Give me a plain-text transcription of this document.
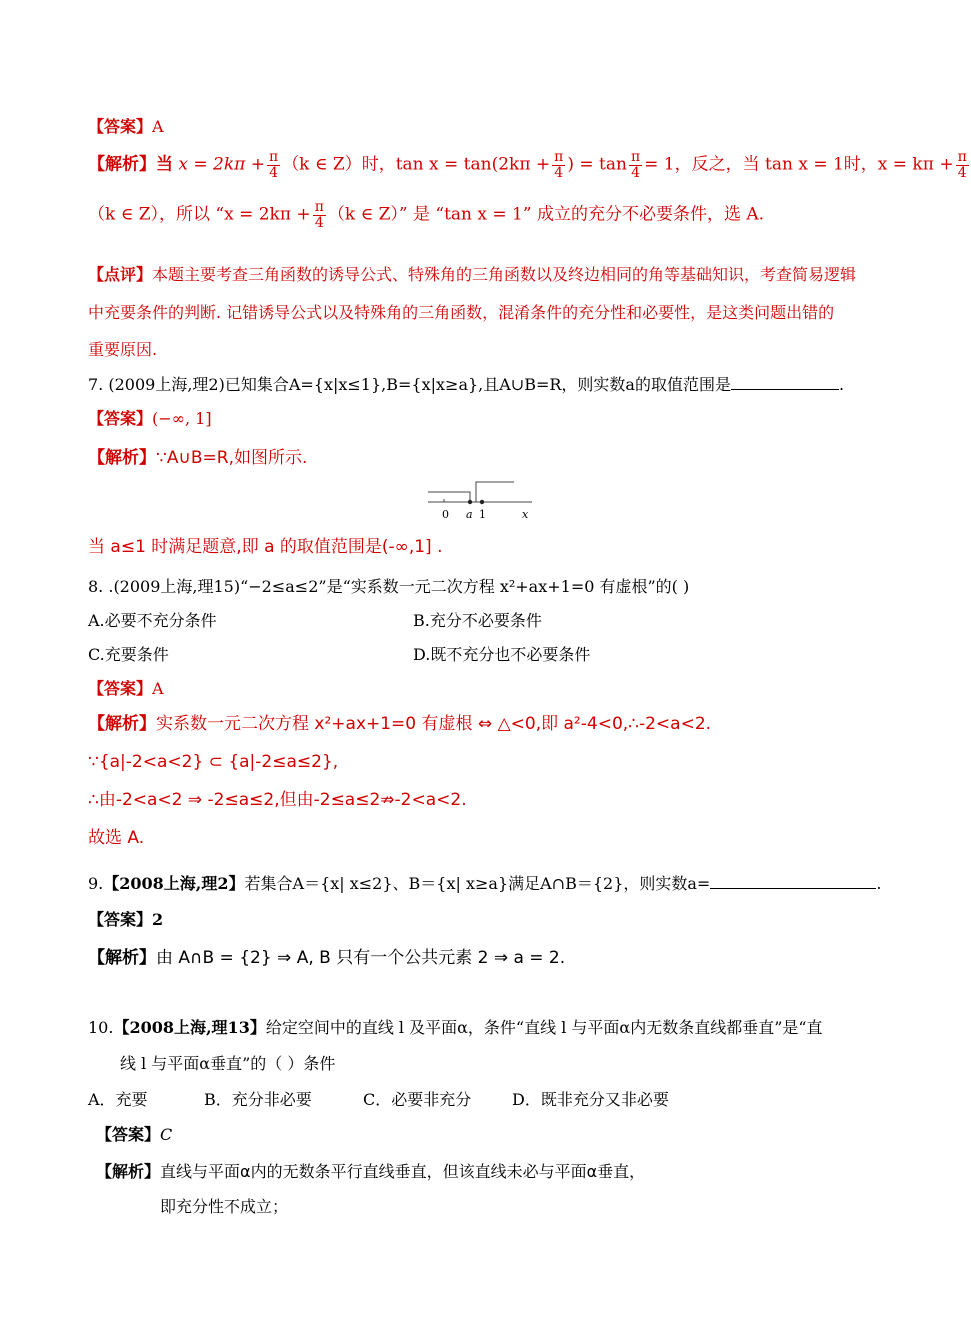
【答案】A
【解析】当 $x = 2k\pi + \frac{\pi}{4} (k$ ∈ Z）时，$\tan x = \tan(2k\pi + \frac{\pi}{4}$ ) = $\tan \frac{\pi}{4} = 1$，反之，当 tan x = 1时，$x = k\pi + \frac{\pi}{4}$
（k ∈ Z），所以 “$x = 2k\pi + \frac{\pi}{4} (k$ ∈ Z）” 是 “tan x = 1” 成立的充分不必要条件，选 A.
【点评】本题主要考查三角函数的诱导公式、特殊角的三角函数以及终边相同的角等基础知识，考查简易逻辑
中充要条件的判断. 记错诱导公式以及特殊角的三角函数，混淆条件的充分性和必要性，是这类问题出错的
重要原因.
7. (2009上海,理2)已知集合A={x|x≤1},B={x|x≥a},且A∪B=R，则实数a的取值范围是	.
【答案】(−∞, 1]
【解析】∵A∪B=R,如图所示.
0 a 1	x
当 a≤1 时满足题意,即 a 的取值范围是(-∞,1] .
8. .(2009上海,理15)“−2≤a≤2”是“实系数一元二次方程 x²+ax+1=0 有虚根”的( )
A.必要不充分条件	B.充分不必要条件
C.充要条件	D.既不充分也不必要条件
【答案】A
【解析】实系数一元二次方程 x²+ax+1=0 有虚根 ⇔ △<0,即 a²-4<0,∴-2<a<2.
∵{a|-2<a<2} ⊂ {a|-2≤a≤2},
∴由-2<a<2 ⇒ -2≤a≤2,但由-2≤a≤2⇏-2<a<2.
故选 A.
9.【2008上海,理2】若集合A＝{x| x≤2}、B＝{x| x≥a}满足A∩B＝{2}，则实数a=	.
【答案】2
【解析】由 A∩B = {2} ⇒ A, B 只有一个公共元素 2 ⇒ a = 2.
10.【2008上海,理13】给定空间中的直线 l 及平面α，条件“直线 l 与平面α内无数条直线都垂直”是“直
线 l 与平面α垂直”的（ ）条件
A．充要	B．充分非必要	C．必要非充分	D．既非充分又非必要
【答案】C
【解析】直线与平面α内的无数条平行直线垂直，但该直线未必与平面α垂直，
即充分性不成立；
